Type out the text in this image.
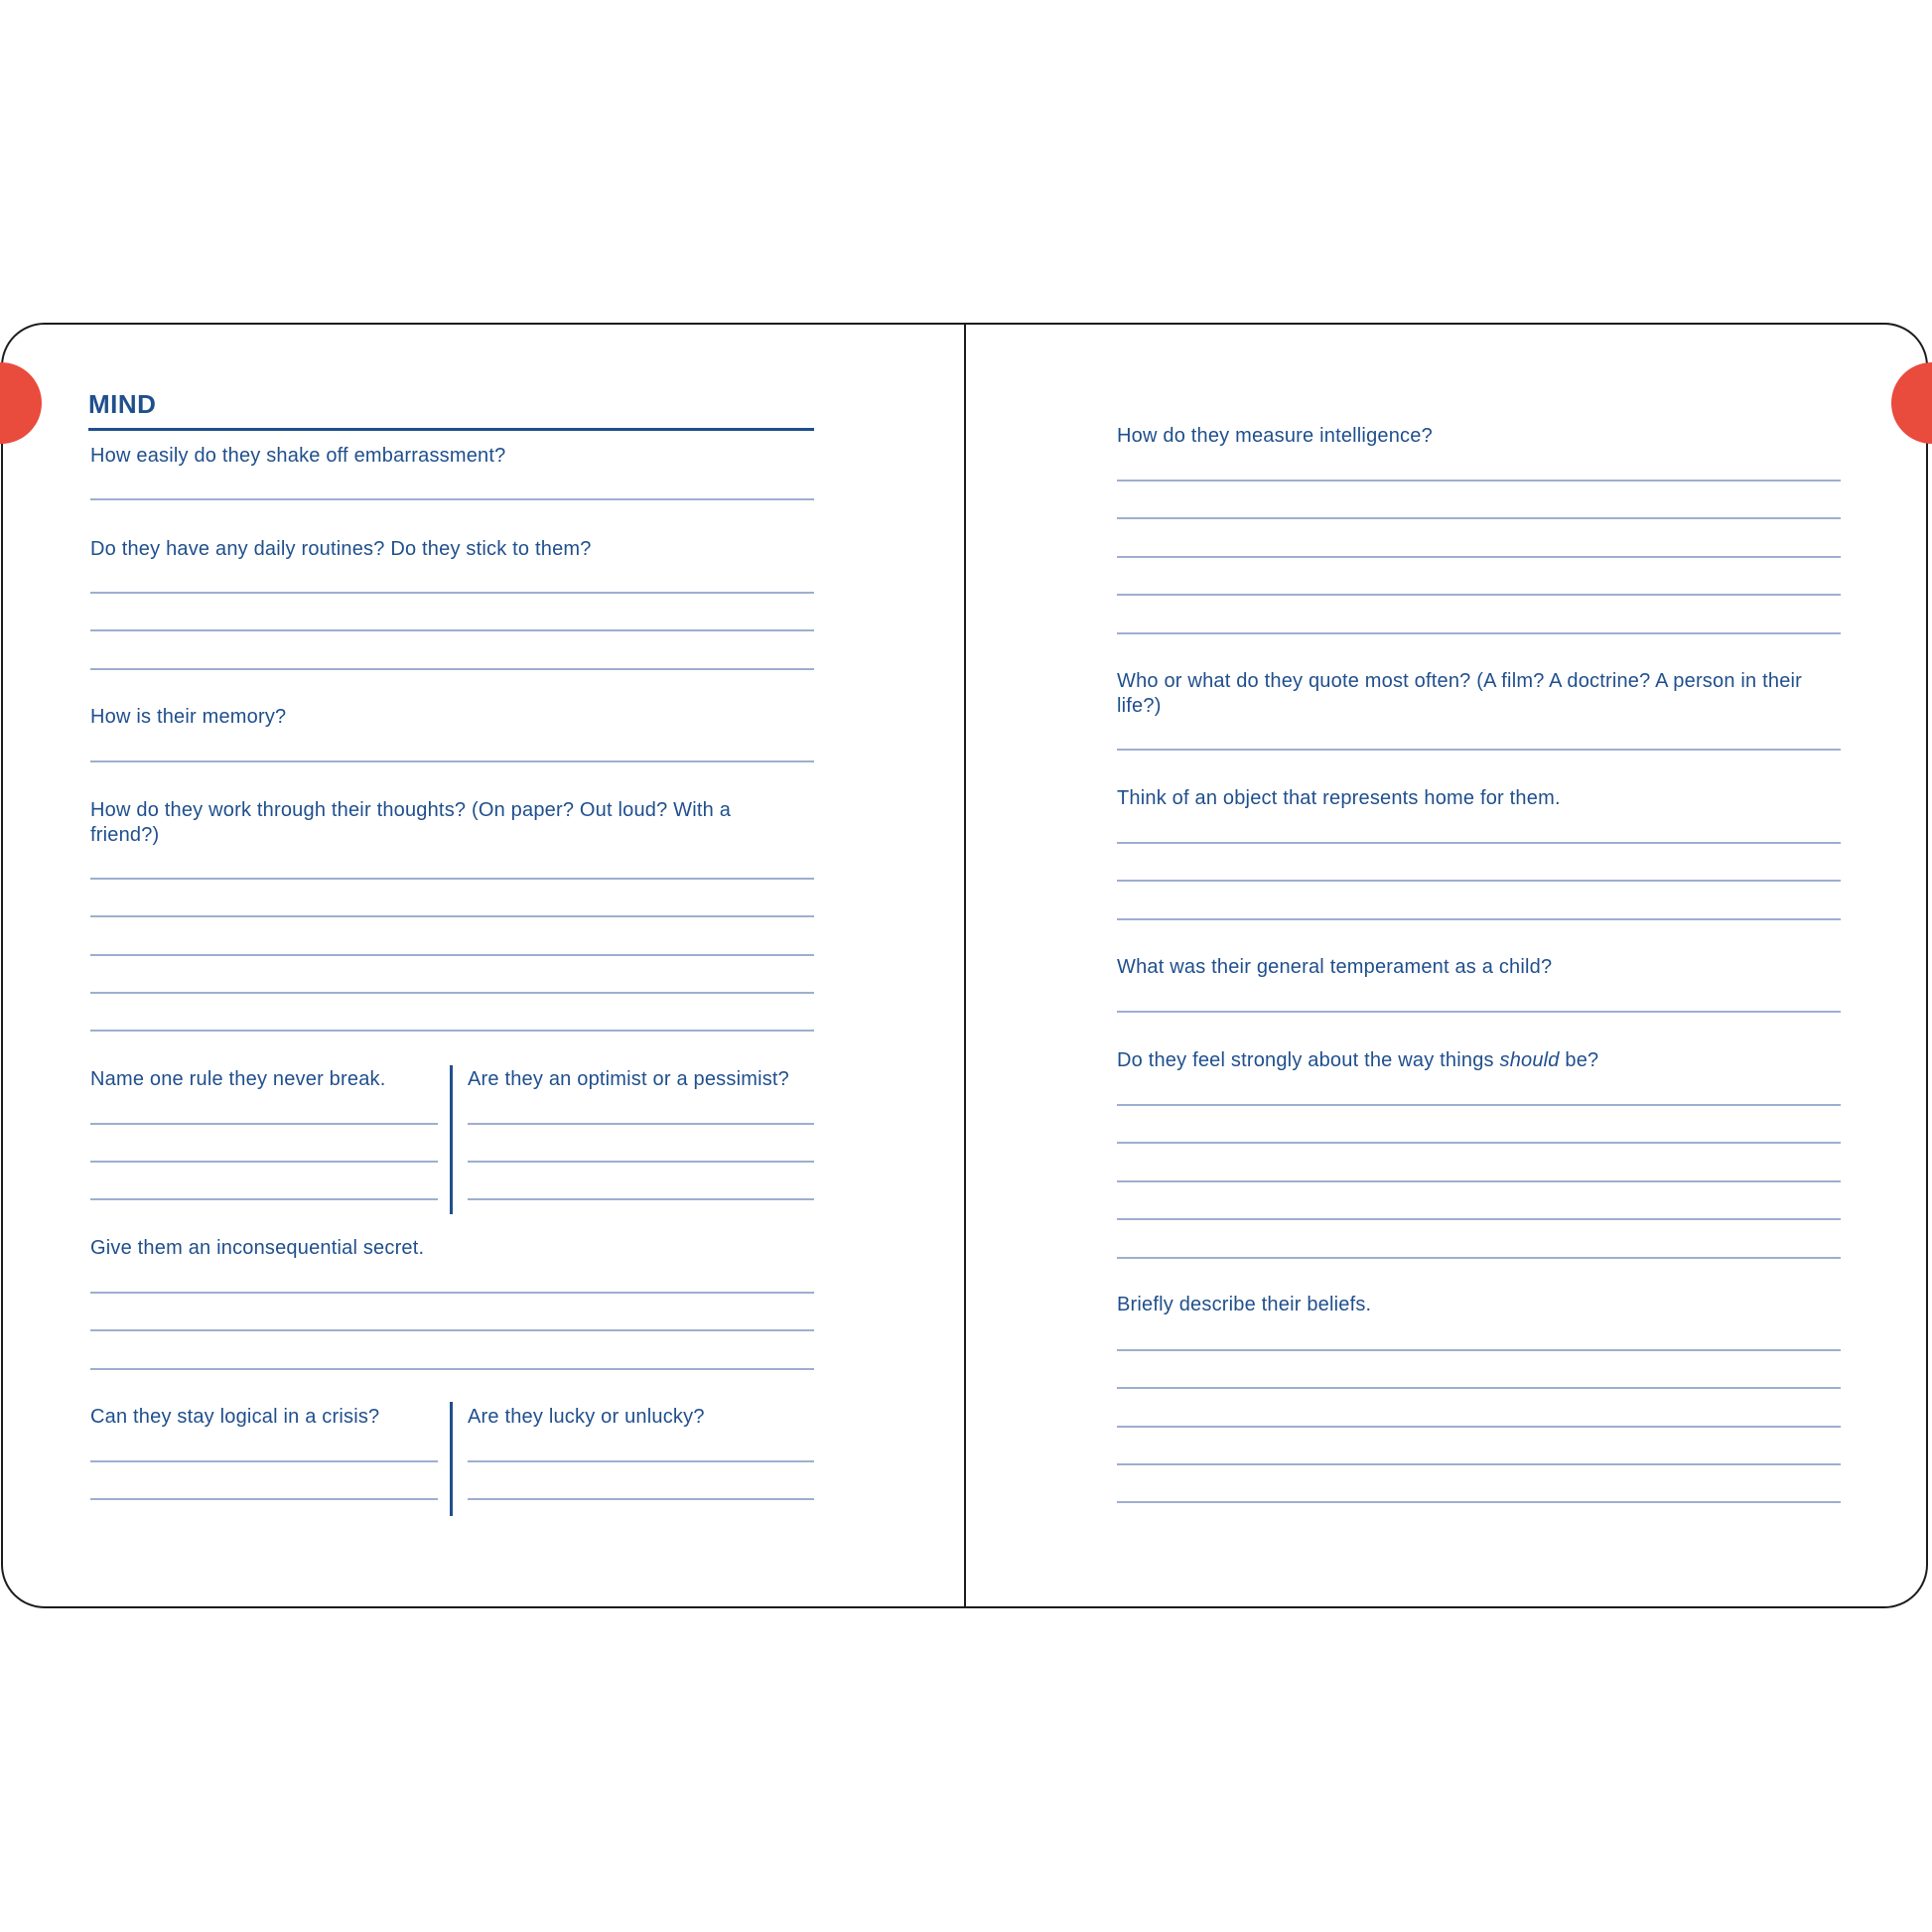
MIND
How easily do they shake off embarrassment?
Do they have any daily routines? Do they stick to them?
How is their memory?
How do they work through their thoughts? (On paper? Out loud? With a friend?)
Name one rule they never break.	Are they an optimist or a pessimist?
Give them an inconsequential secret.
Can they stay logical in a crisis?	Are they lucky or unlucky?
How do they measure intelligence?
Who or what do they quote most often? (A film? A doctrine? A person in their life?)
Think of an object that represents home for them.
What was their general temperament as a child?
Do they feel strongly about the way things should be?
Briefly describe their beliefs.
